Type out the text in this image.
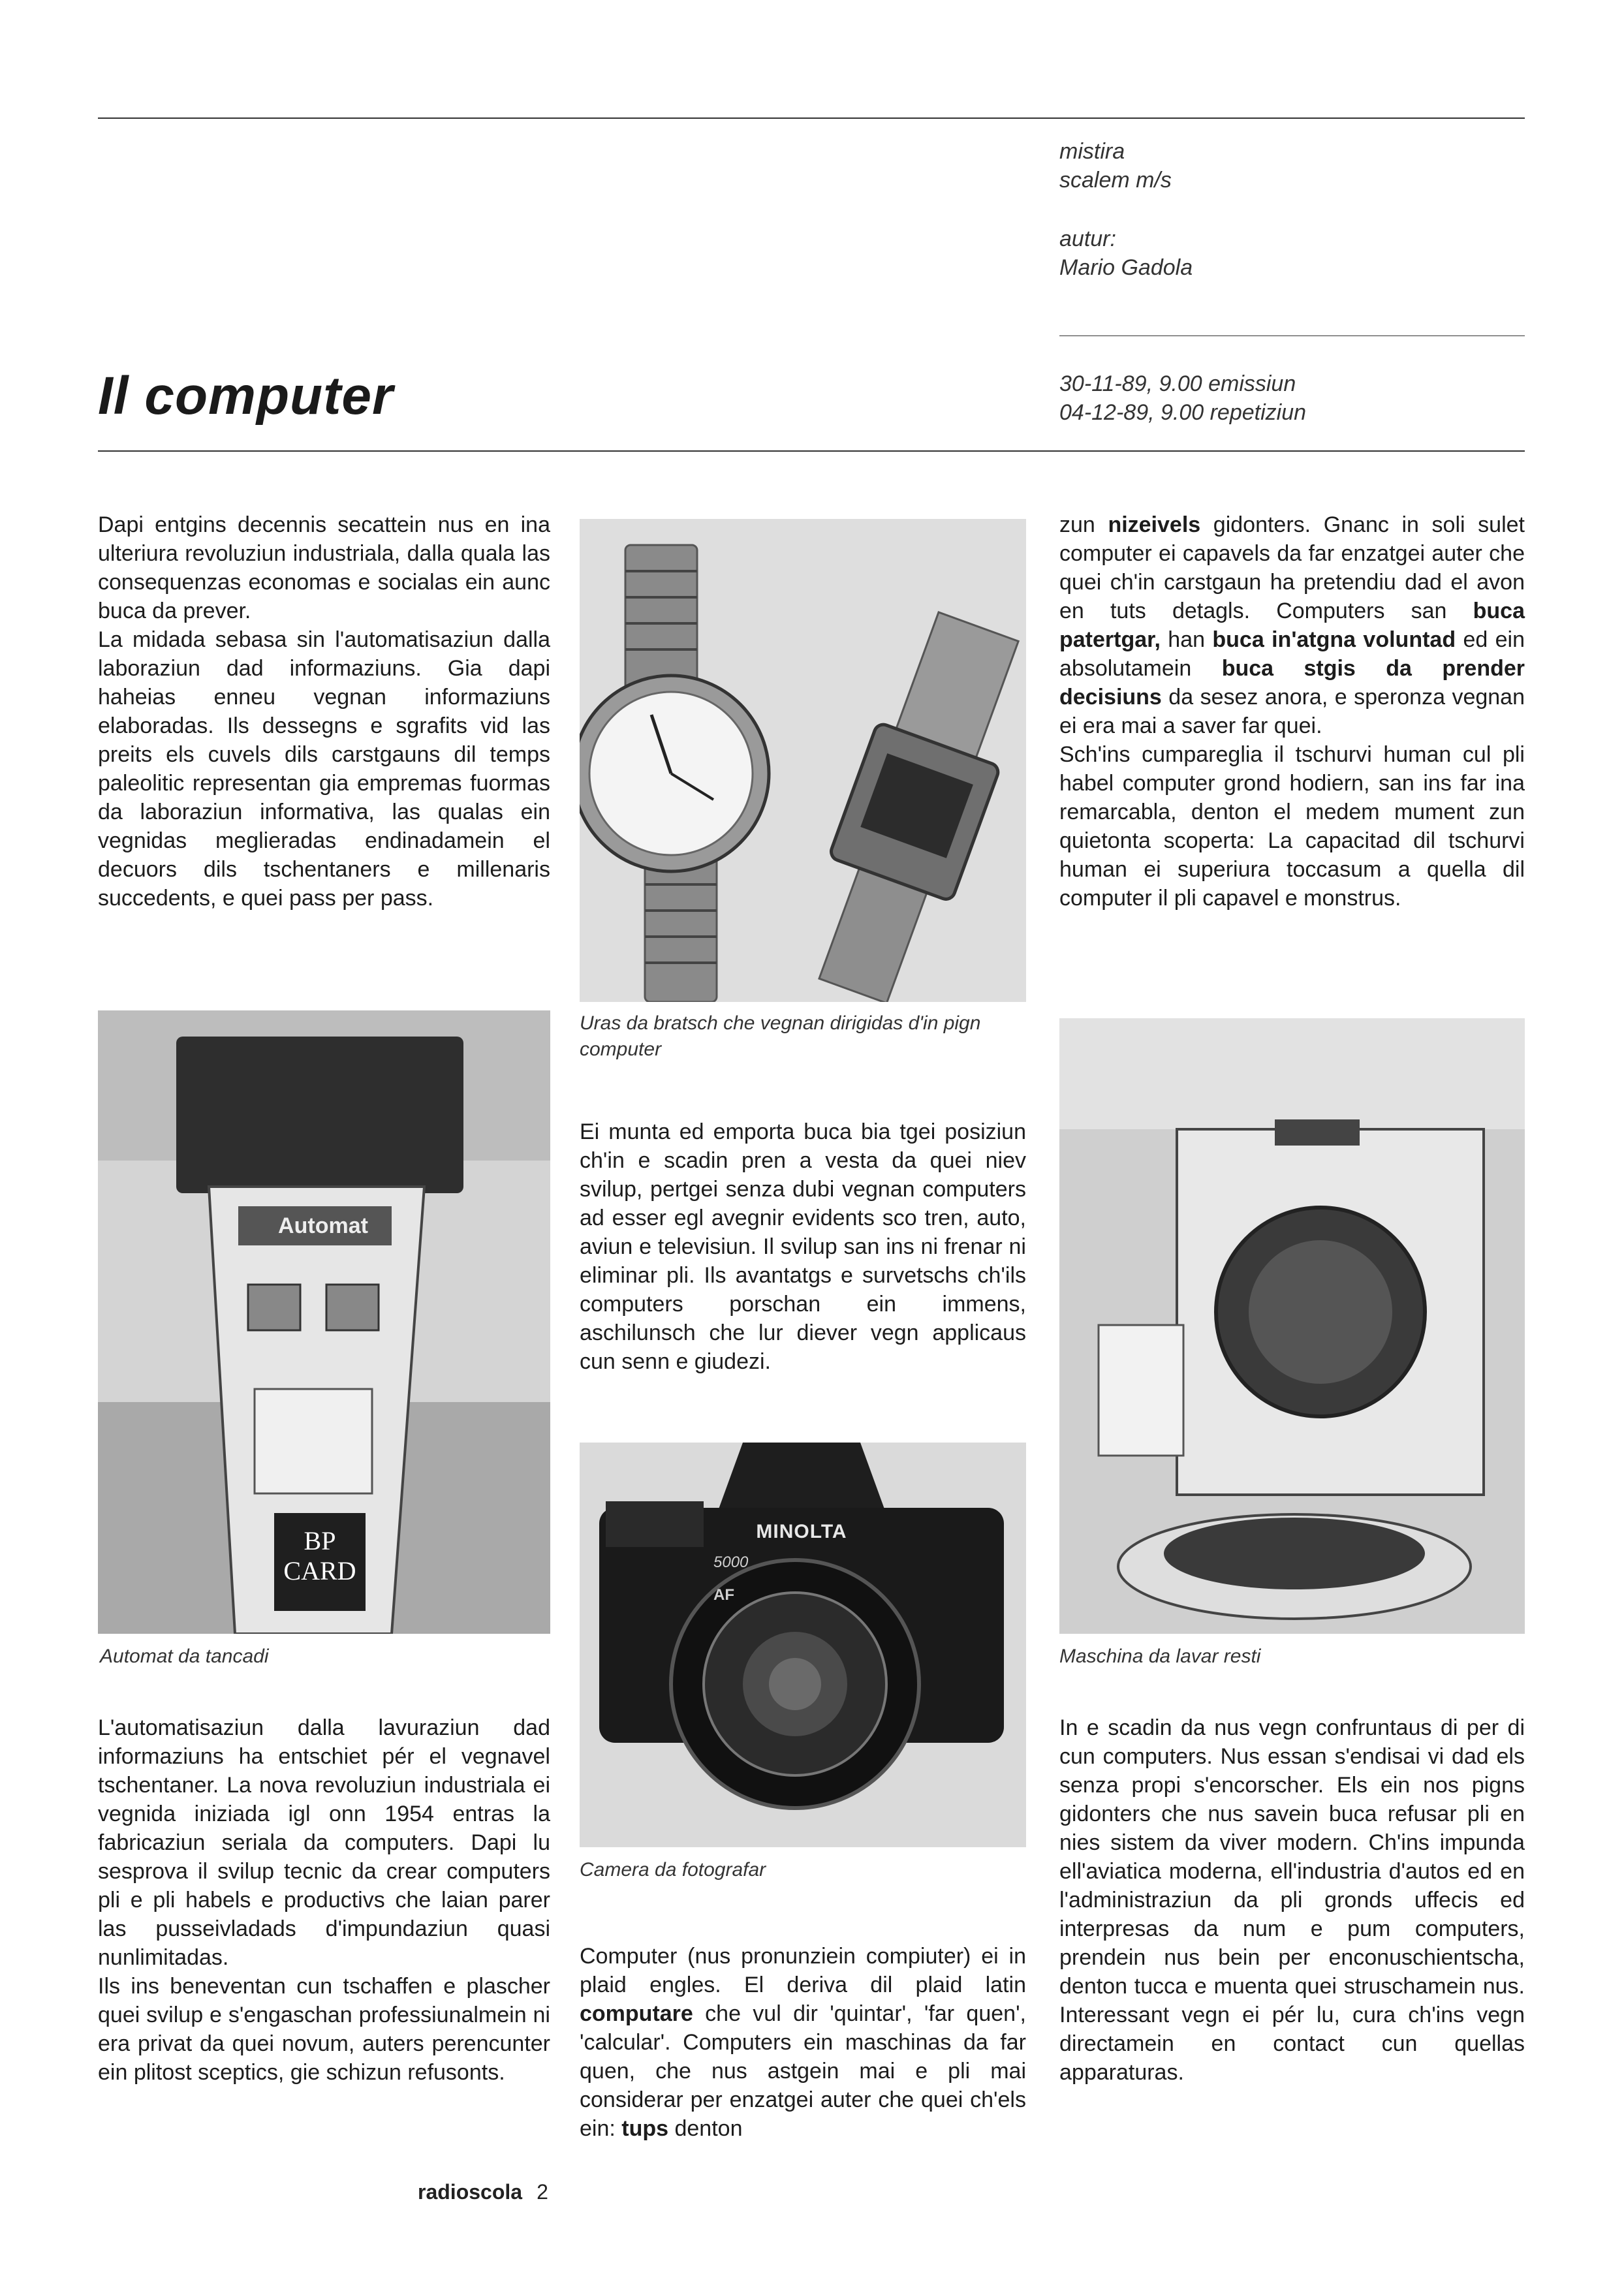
mistira
scalem m/s
autur:
Mario Gadola
Il computer	30-11-89, 9.00 emissiun
04-12-89, 9.00 repetiziun

Dapi entgins decennis secattein nus en ina ulteriura revoluziun industriala, dalla quala las consequenzas economas e socialas ein aunc buca da prever.

La midada sebasa sin l'automatisaziun dalla laboraziun dad informaziuns. Gia dapi haheias enneu vegnan informaziuns elaboradas. Ils dessegns e sgrafits vid las preits els cuvels dils carstgauns dil temps paleolitic representan gia empremas fuormas da laboraziun informativa, las qualas ein vegnidas meglieradas endinadamein el decuors dils tschentaners e millenaris succedents, e quei pass per pass.

zun nizeivels gidonters. Gnanc in soli sulet computer ei capavels da far enzatgei auter che quei ch'in carstgaun ha pretendiu dad el avon en tuts detagls. Computers san buca patertgar, han buca in'atgna voluntad ed ein absolutamein buca stgis da prender decisiuns da sesez anora, e speronza vegnan ei era mai a saver far quei.

Sch'ins cumpareglia il tschurvi human cul pli habel computer grond hodiern, san ins far ina remarcabla, denton el medem mument zun quietonta scoperta: La capacitad dil tschurvi human ei superiura toccasum a quella dil computer il pli capavel e monstrus.

Uras da bratsch che vegnan dirigidas d'in pign computer
Automat
BP
CARD
Automat da tancadi

Ei munta ed emporta buca bia tgei posiziun ch'in e scadin pren a vesta da quei niev svilup, pertgei senza dubi vegnan computers ad esser egl avegnir evidents sco tren, auto, aviun e televisiun. Il svilup san ins ni frenar ni eliminar pli. Ils avantatgs e survetschs ch'ils computers porschan ein immens, aschilunsch che lur diever vegn applicaus cun senn e giudezi.

Maschina da lavar resti
MINOLTA
5000
AF
Camera da fotografar

L'automatisaziun dalla lavuraziun dad informaziuns ha entschiet pér el vegnavel tschentaner. La nova revoluziun industriala ei vegnida iniziada igl onn 1954 entras la fabricaziun seriala da computers. Dapi lu sesprova il svilup tecnic da crear computers pli e pli habels e productivs che laian parer las pusseivladads d'impundaziun quasi nunlimitadas.

Ils ins beneventan cun tschaffen e plascher quei svilup e s'engaschan professiunalmein ni era privat da quei novum, auters perencunter ein plitost sceptics, gie schizun refusonts.

Computer (nus pronunziein compiuter) ei in plaid engles. El deriva dil plaid latin computare che vul dir 'quintar', 'far quen', 'calcular'. Computers ein maschinas da far quen, che nus astgein mai e pli mai considerar per enzatgei auter che quei ch'els ein: tups denton

In e scadin da nus vegn confruntaus di per di cun computers. Nus essan s'endisai vi dad els senza propi s'encorscher. Els ein nos pigns gidonters che nus savein buca refusar pli en nies sistem da viver modern. Ch'ins impunda ell'aviatica moderna, ell'industria d'autos ed en l'administraziun da pli gronds uffecis ed interpresas da num e pum computers, prendein nus bein per enconuschientscha, denton tucca e muenta quei struschamein nus. Interessant vegn ei pér lu, cura ch'ins vegn directamein en contact cun quellas apparaturas.

radioscola 2
